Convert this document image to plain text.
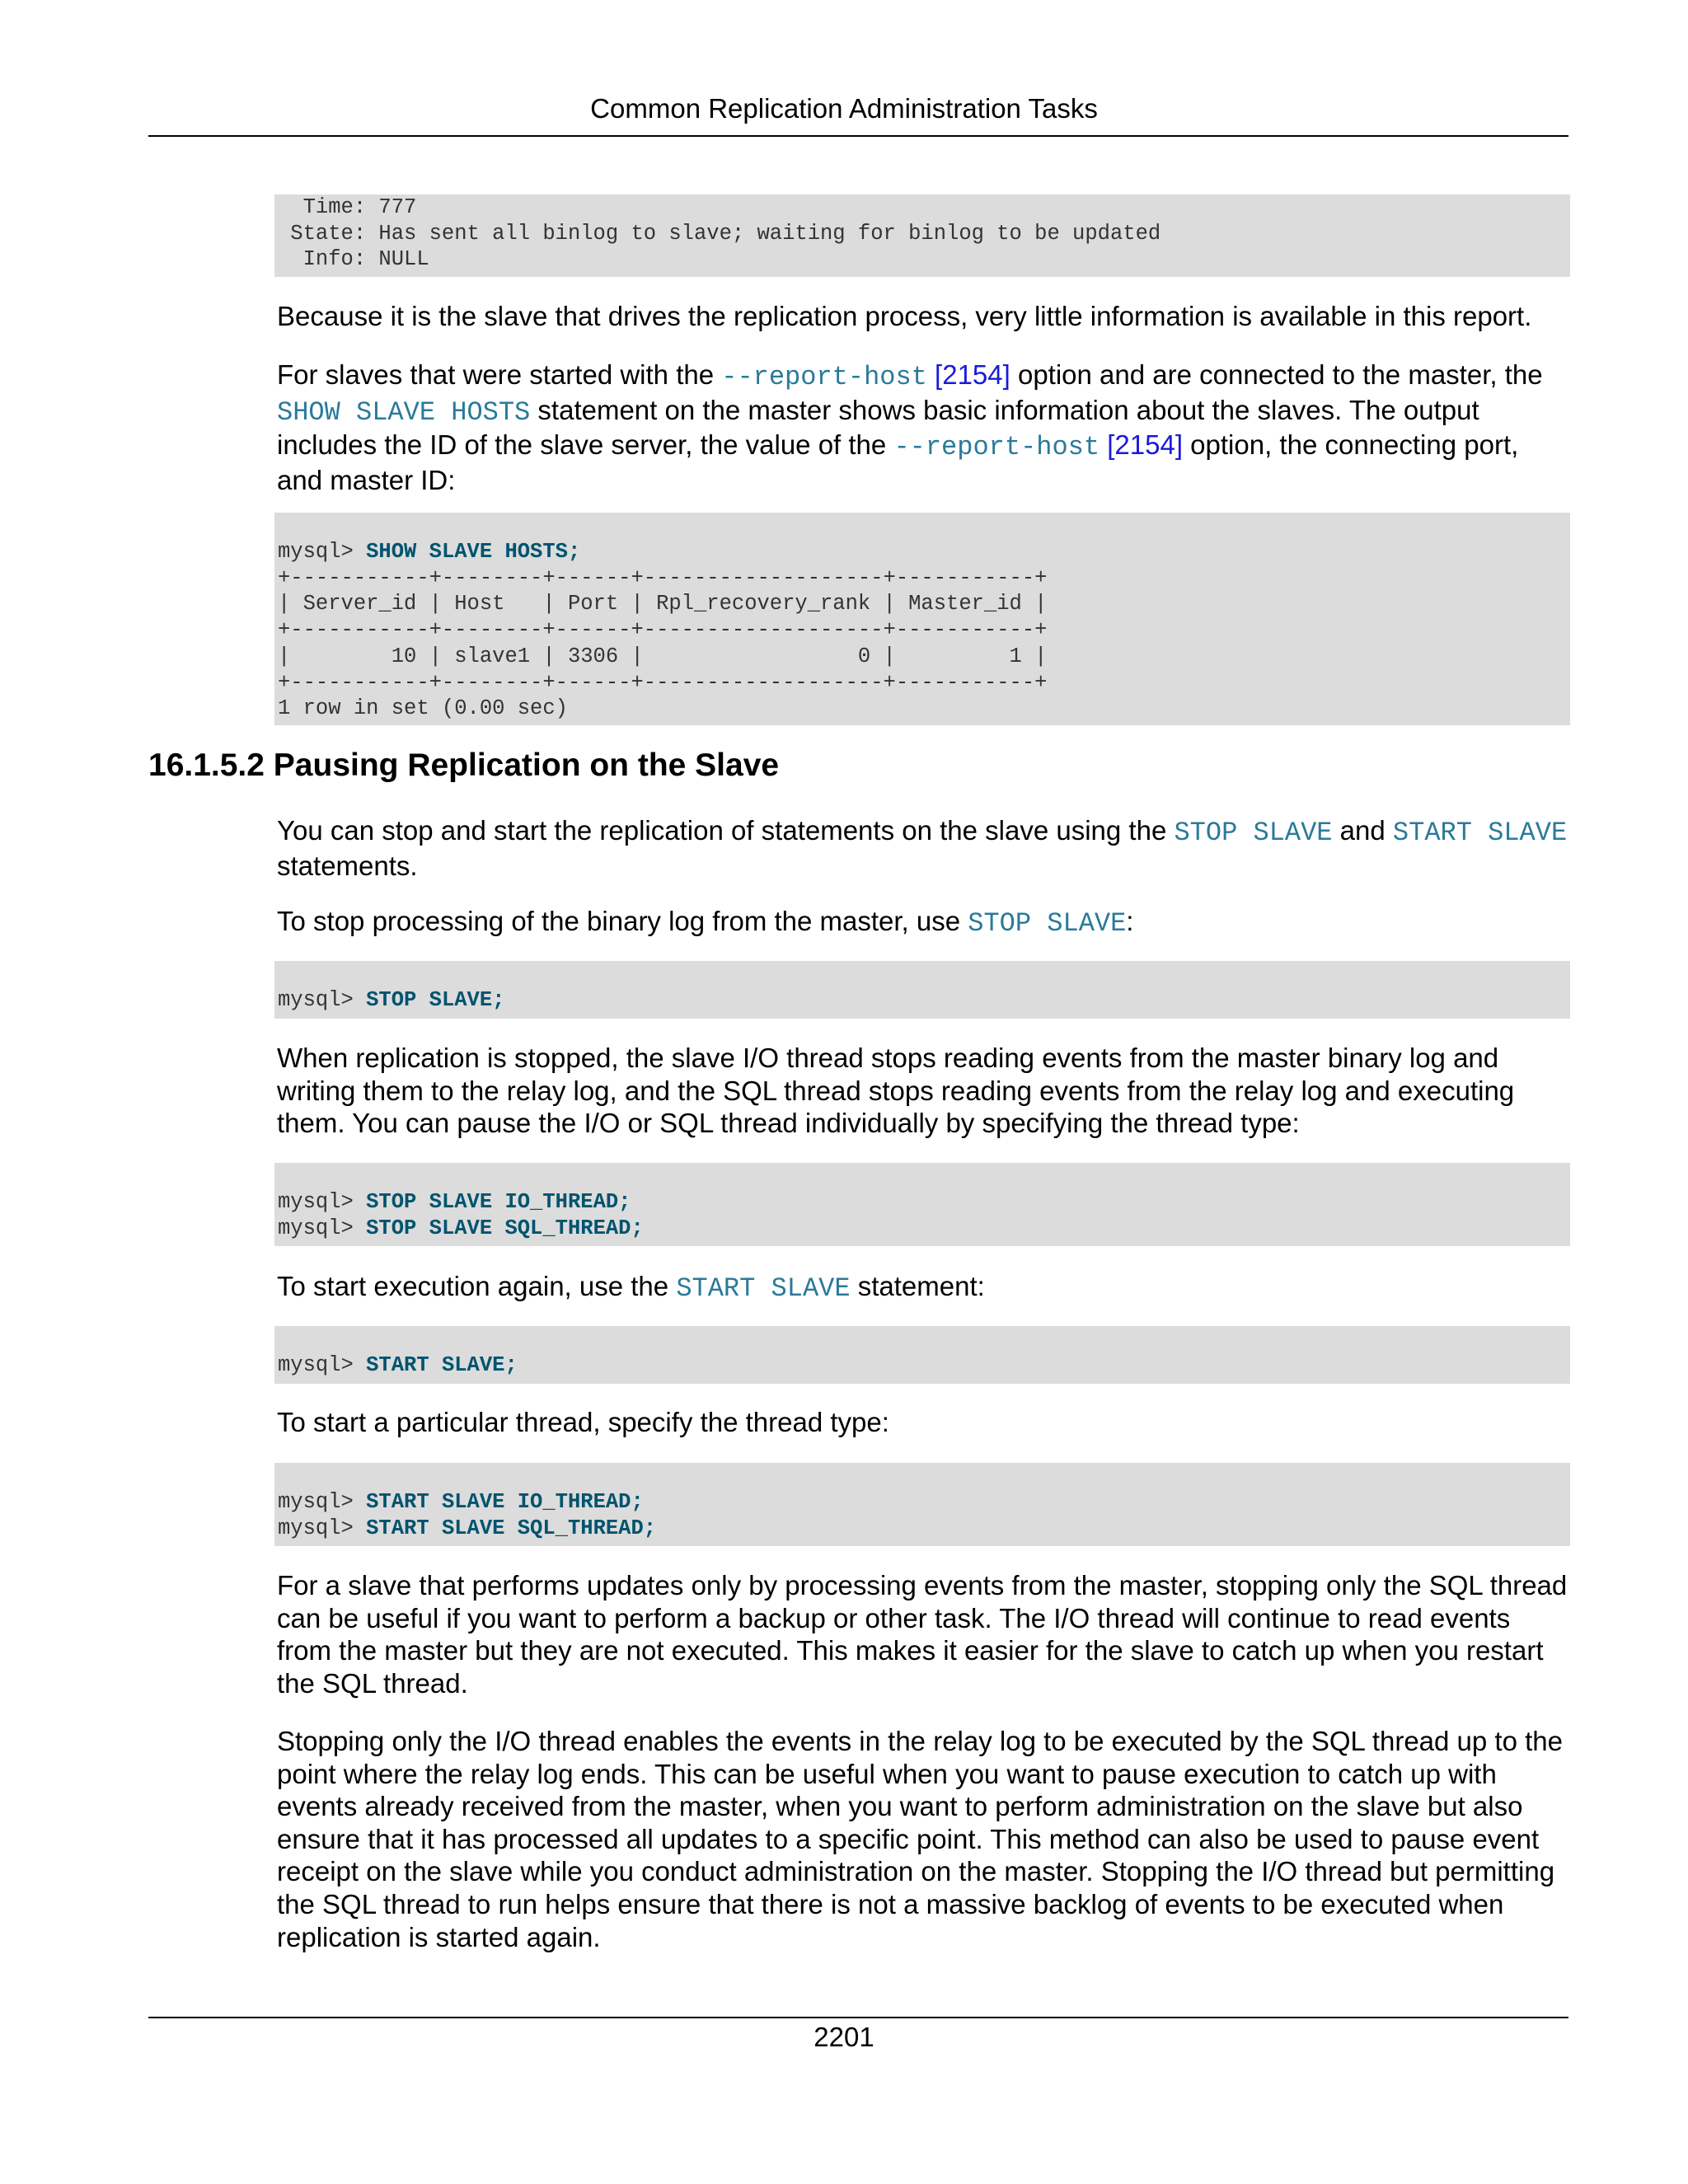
Common Replication Administration Tasks
Time: 777
State: Has sent all binlog to slave; waiting for binlog to be updated
Info: NULL

Because it is the slave that drives the replication process, very little information is available in this report.

For slaves that were started with the --report-host [2154] option and are connected to the master, the SHOW SLAVE HOSTS statement on the master shows basic information about the slaves. The output includes the ID of the slave server, the value of the --report-host [2154] option, the connecting port, and master ID:

mysql> SHOW SLAVE HOSTS;
+-----------+--------+------+-------------------+-----------+
| Server_id | Host   | Port | Rpl_recovery_rank | Master_id |
+-----------+--------+------+-------------------+-----------+
|        10 | slave1 | 3306 |                 0 |         1 |
+-----------+--------+------+-------------------+-----------+
1 row in set (0.00 sec)
16.1.5.2 Pausing Replication on the Slave

You can stop and start the replication of statements on the slave using the STOP SLAVE and START SLAVE statements.

To stop processing of the binary log from the master, use STOP SLAVE:

mysql> STOP SLAVE;

When replication is stopped, the slave I/O thread stops reading events from the master binary log and writing them to the relay log, and the SQL thread stops reading events from the relay log and executing them. You can pause the I/O or SQL thread individually by specifying the thread type:

mysql> STOP SLAVE IO_THREAD;
mysql> STOP SLAVE SQL_THREAD;

To start execution again, use the START SLAVE statement:

mysql> START SLAVE;

To start a particular thread, specify the thread type:

mysql> START SLAVE IO_THREAD;
mysql> START SLAVE SQL_THREAD;

For a slave that performs updates only by processing events from the master, stopping only the SQL thread can be useful if you want to perform a backup or other task. The I/O thread will continue to read events from the master but they are not executed. This makes it easier for the slave to catch up when you restart the SQL thread.

Stopping only the I/O thread enables the events in the relay log to be executed by the SQL thread up to the point where the relay log ends. This can be useful when you want to pause execution to catch up with events already received from the master, when you want to perform administration on the slave but also ensure that it has processed all updates to a specific point. This method can also be used to pause event receipt on the slave while you conduct administration on the master. Stopping the I/O thread but permitting the SQL thread to run helps ensure that there is not a massive backlog of events to be executed when replication is started again.

2201
